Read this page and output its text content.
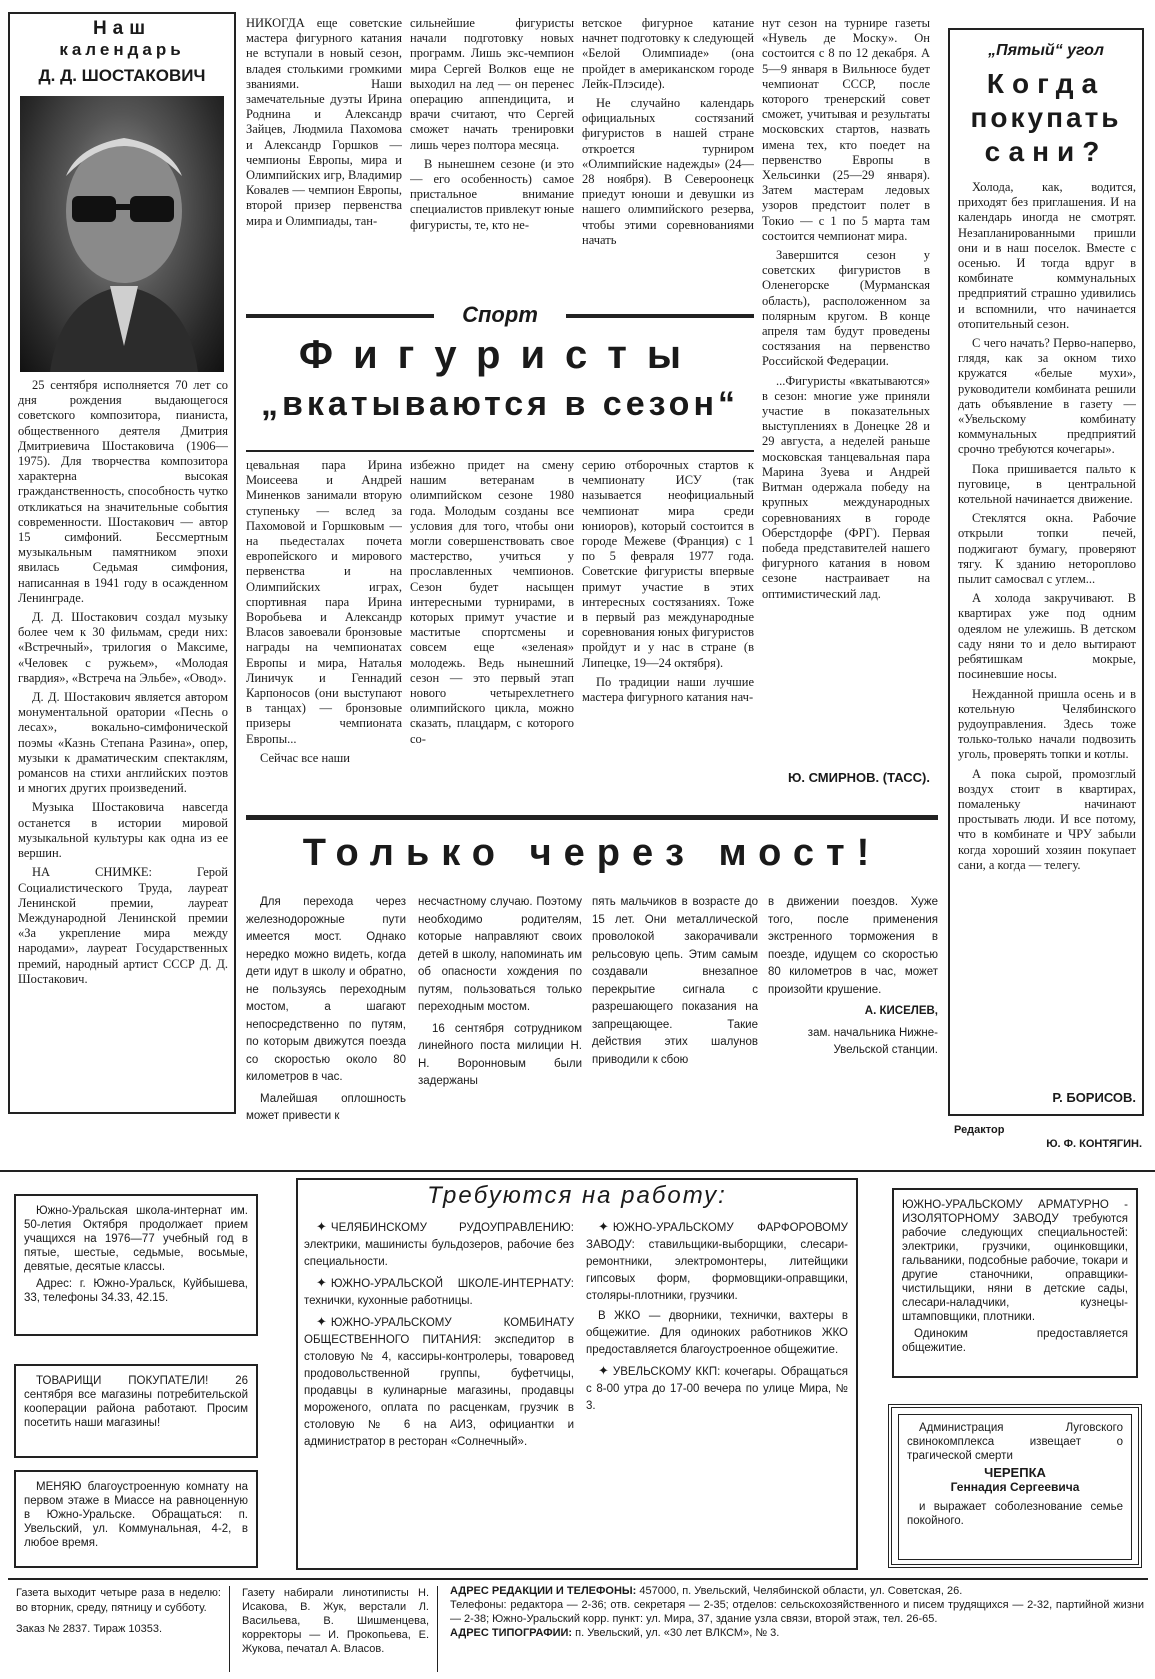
Наш
календарь
Д. Д. ШОСТАКОВИЧ

25 сентября исполняется 70 лет со дня рождения выдающегося советского композитора, пианиста, общественного деятеля Дмитрия Дмитриевича Шостаковича (1906—1975). Для творчества композитора характерна высокая гражданственность, способность чутко откликаться на значительные события современности. Шостакович — автор 15 симфоний. Бессмертным музыкальным памятником эпохи явилась Седьмая симфония, написанная в 1941 году в осажденном Ленинграде.

Д. Д. Шостакович создал музыку более чем к 30 фильмам, среди них: «Встречный», трилогия о Максиме, «Человек с ружьем», «Молодая гвардия», «Встреча на Эльбе», «Овод».

Д. Д. Шостакович является автором монументальной оратории «Песнь о лесах», вокально-симфонической поэмы «Казнь Степана Разина», опер, музыки к драматическим спектаклям, романсов на стихи английских поэтов и многих других произведений.

Музыка Шостаковича навсегда останется в истории мировой музыкальной культуры как одна из ее вершин.

НА СНИМКЕ: Герой Социалистического Труда, лауреат Ленинской премии, лауреат Международной Ленинской премии «За укрепление мира между народами», лауреат Государственных премий, народный артист СССР Д. Д. Шостакович.

НИКОГДА еще советские мастера фигурного катания не вступали в новый сезон, владея столькими громкими званиями. Наши замечательные дуэты Ирина Роднина и Александр Зайцев, Людмила Пахомова и Александр Горшков — чемпионы Европы, мира и Олимпийских игр, Владимир Ковалев — чемпион Европы, второй призер первенства мира и Олимпиады, тан-

сильнейшие фигуристы начали подготовку новых программ. Лишь экс-чемпион мира Сергей Волков еще не выходил на лед — он перенес операцию аппендицита, и врачи считают, что Сергей сможет начать тренировки лишь через полтора месяца.

В нынешнем сезоне (и это — его особенность) самое пристальное внимание специалистов привлекут юные фигуристы, те, кто не-

ветское фигурное катание начнет подготовку к следующей «Белой Олимпиаде» (она пройдет в американском городе Лейк-Плэсиде).

Не случайно календарь официальных состязаний фигуристов в нашей стране откроется турниром «Олимпийские надежды» (24—28 ноября). В Североонецк приедут юноши и девушки из нашего олимпийского резерва, чтобы этими соревнованиями начать

Спорт
Фигуристы
„вкатываются в сезон“

цевальная пара Ирина Моисеева и Андрей Миненков занимали вторую ступеньку — вслед за Пахомовой и Горшковым — на пьедесталах почета европейского и мирового первенства и на Олимпийских играх, спортивная пара Ирина Воробьева и Александр Власов завоевали бронзовые награды на чемпионатах Европы и мира, Наталья Линичук и Геннадий Карпоносов (они выступают в танцах) — бронзовые призеры чемпионата Европы...

Сейчас все наши

избежно придет на смену нашим ветеранам в олимпийском сезоне 1980 года. Молодым созданы все условия для того, чтобы они могли совершенствовать свое мастерство, учиться у прославленных чемпионов. Сезон будет насыщен интересными турнирами, в которых примут участие и маститые спортсмены и совсем еще «зеленая» молодежь. Ведь нынешний сезон — это первый этап нового четырехлетнего олимпийского цикла, можно сказать, плацдарм, с которого со-

серию отборочных стартов к чемпионату ИСУ (так называется неофициальный чемпионат мира среди юниоров), который состоится в городе Межеве (Франция) с 1 по 5 февраля 1977 года. Советские фигуристы впервые примут участие в этих интересных состязаниях. Тоже в первый раз международные соревнования юных фигуристов пройдут и у нас в стране (в Липецке, 19—24 октября).

По традиции наши лучшие мастера фигурного катания нач-

нут сезон на турнире газеты «Нувель де Моску». Он состоится с 8 по 12 декабря. А 5—9 января в Вильнюсе будет чемпионат СССР, после которого тренерский совет сможет, учитывая и результаты московских стартов, назвать имена тех, кто поедет на первенство Европы в Хельсинки (25—29 января). Затем мастерам ледовых узоров предстоит полет в Токио — с 1 по 5 марта там состоится чемпионат мира.

Завершится сезон у советских фигуристов в Оленегорске (Мурманская область), расположенном за полярным кругом. В конце апреля там будут проведены состязания на первенство Российской Федерации.

...Фигуристы «вкатываются» в сезон: многие уже приняли участие в показательных выступлениях в Донецке 28 и 29 августа, а неделей раньше московская танцевальная пара Марина Зуева и Андрей Витман одержала победу на крупных международных соревнованиях в городе Оберстдорфе (ФРГ). Первая победа представителей нашего фигурного катания в новом сезоне настраивает на оптимистический лад.

Ю. СМИРНОВ. (ТАСС).
„Пятый“ угол
Когда
покупать
сани?

Холода, как, водится, приходят без приглашения. И на календарь иногда не смотрят. Незапланированными пришли они и в наш поселок. Вместе с осенью. И тогда вдруг в комбинате коммунальных предприятий страшно удивились и вспомнили, что начинается отопительный сезон.

С чего начать? Перво-наперво, глядя, как за окном тихо кружатся «белые мухи», руководители комбината решили дать объявление в газету — «Увельскому комбинату коммунальных предприятий срочно требуются кочегары».

Пока пришивается пальто к пуговице, в центральной котельной начинается движение.

Стеклятся окна. Рабочие открыли топки печей, поджигают бумагу, проверяют тягу. К зданию нетороплово пылит самосвал с углем...

А холода закручивают. В квартирах уже под одним одеялом не улежишь. В детском саду няни то и дело вытирают ребятишкам мокрые, посиневшие носы.

Нежданной пришла осень и в котельную Челябинского рудоуправления. Здесь тоже только-только начали подвозить уголь, проверять топки и котлы.

А пока сырой, промозглый воздух стоит в квартирах, помаленьку начинают простывать люди. И все потому, что в комбинате и ЧРУ забыли когда хороший хозяин покупает сани, а когда — телегу.

Р. БОРИСОВ.
Редактор
Ю. Ф. КОНТЯГИН.
Только через мост!

Для перехода через железнодорожные пути имеется мост. Однако нередко можно видеть, когда дети идут в школу и обратно, не пользуясь переходным мостом, а шагают непосредственно по путям, по которым движутся поезда со скоростью около 80 километров в час.

Малейшая оплошность может привести к

несчастному случаю. Поэтому необходимо родителям, которые направляют своих детей в школу, напоминать им об опасности хождения по путям, пользоваться только переходным мостом.

16 сентября сотрудником линейного поста милиции Н. Н. Воронновым были задержаны

пять мальчиков в возрасте до 15 лет. Они металлической проволокой закорачивали рельсовую цепь. Этим самым создавали внезапное перекрытие сигнала с разрешающего показания на запрещающее. Такие действия этих шалунов приводили к сбою

в движении поездов. Хуже того, после применения экстренного торможения в поезде, идущем со скоростью 80 километров в час, может произойти крушение.

А. КИСЕЛЕВ,

зам. начальника Нижне-Увельской станции.

Южно-Уральская школа-интернат им. 50-летия Октября продолжает прием учащихся на 1976—77 учебный год в пятые, шестые, седьмые, восьмые, девятые, десятые классы.

Адрес: г. Южно-Уральск, Куйбышева, 33, телефоны 34.33, 42.15.

ТОВАРИЩИ ПОКУПАТЕЛИ! 26 сентября все магазины потребительской кооперации района работают. Просим посетить наши магазины!

МЕНЯЮ благоустроенную комнату на первом этаже в Миассе на равноценную в Южно-Уральске. Обращаться: п. Увельский, ул. Коммунальная, 4-2, в любое время.

Требуются на работу:

✦ ЧЕЛЯБИНСКОМУ РУДОУПРАВЛЕНИЮ: электрики, машинисты бульдозеров, рабочие без специальности.

✦ ЮЖНО-УРАЛЬСКОЙ ШКОЛЕ-ИНТЕРНАТУ: технички, кухонные работницы.

✦ ЮЖНО-УРАЛЬСКОМУ КОМБИНАТУ ОБЩЕСТВЕННОГО ПИТАНИЯ: экспедитор в столовую № 4, кассиры-контролеры, товаровед продовольственной группы, буфетчицы, продавцы в кулинарные магазины, продавцы мороженого, оплата по расценкам, грузчик в столовую № 6 на АИЗ, официантки и администратор в ресторан «Солнечный».

✦ ЮЖНО-УРАЛЬСКОМУ ФАРФОРОВОМУ ЗАВОДУ: ставильщики-выборщики, слесари-ремонтники, электромонтеры, литейщики гипсовых форм, формовщики-оправщики, столяры-плотники, грузчики.

В ЖКО — дворники, технички, вахтеры в общежитие. Для одиноких работников ЖКО предоставляется благоустроенное общежитие.

✦ УВЕЛЬСКОМУ ККП: кочегары. Обращаться с 8-00 утра до 17-00 вечера по улице Мира, № 3.

ЮЖНО-УРАЛЬСКОМУ АРМАТУРНО - ИЗОЛЯТОРНОМУ ЗАВОДУ требуются рабочие следующих специальностей: электрики, грузчики, оцинковщики, гальваники, подсобные рабочие, токари и другие станочники, оправщики-чистильщики, няни в детские сады, слесари-наладчики, кузнецы-штамповщики, плотники.

Одиноким предоставляется общежитие.

Администрация Луговского свинокомплекса извещает о трагической смерти

ЧЕРЕПКА
Геннадия Сергеевича

и выражает соболезнование семье покойного.

Газета выходит четыре раза в неделю: во вторник, среду, пятницу и субботу.
Заказ № 2837. Тираж 10353.
Газету набирали линотиписты Н. Исакова, В. Жук, верстали Л. Васильева, В. Шишменцева, корректоры — И. Прокопьева, Е. Жукова, печатал А. Власов.
АДРЕС РЕДАКЦИИ И ТЕЛЕФОНЫ: 457000, п. Увельский, Челябинской области, ул. Советская, 26.
Телефоны: редактора — 2-36; отв. секретаря — 2-35; отделов: сельскохозяйственного и писем трудящихся — 2-32, партийной жизни — 2-38; Южно-Уральский корр. пункт: ул. Мира, 37, здание узла связи, второй этаж, тел. 26-65.
АДРЕС ТИПОГРАФИИ: п. Увельский, ул. «30 лет ВЛКСМ», № 3.
